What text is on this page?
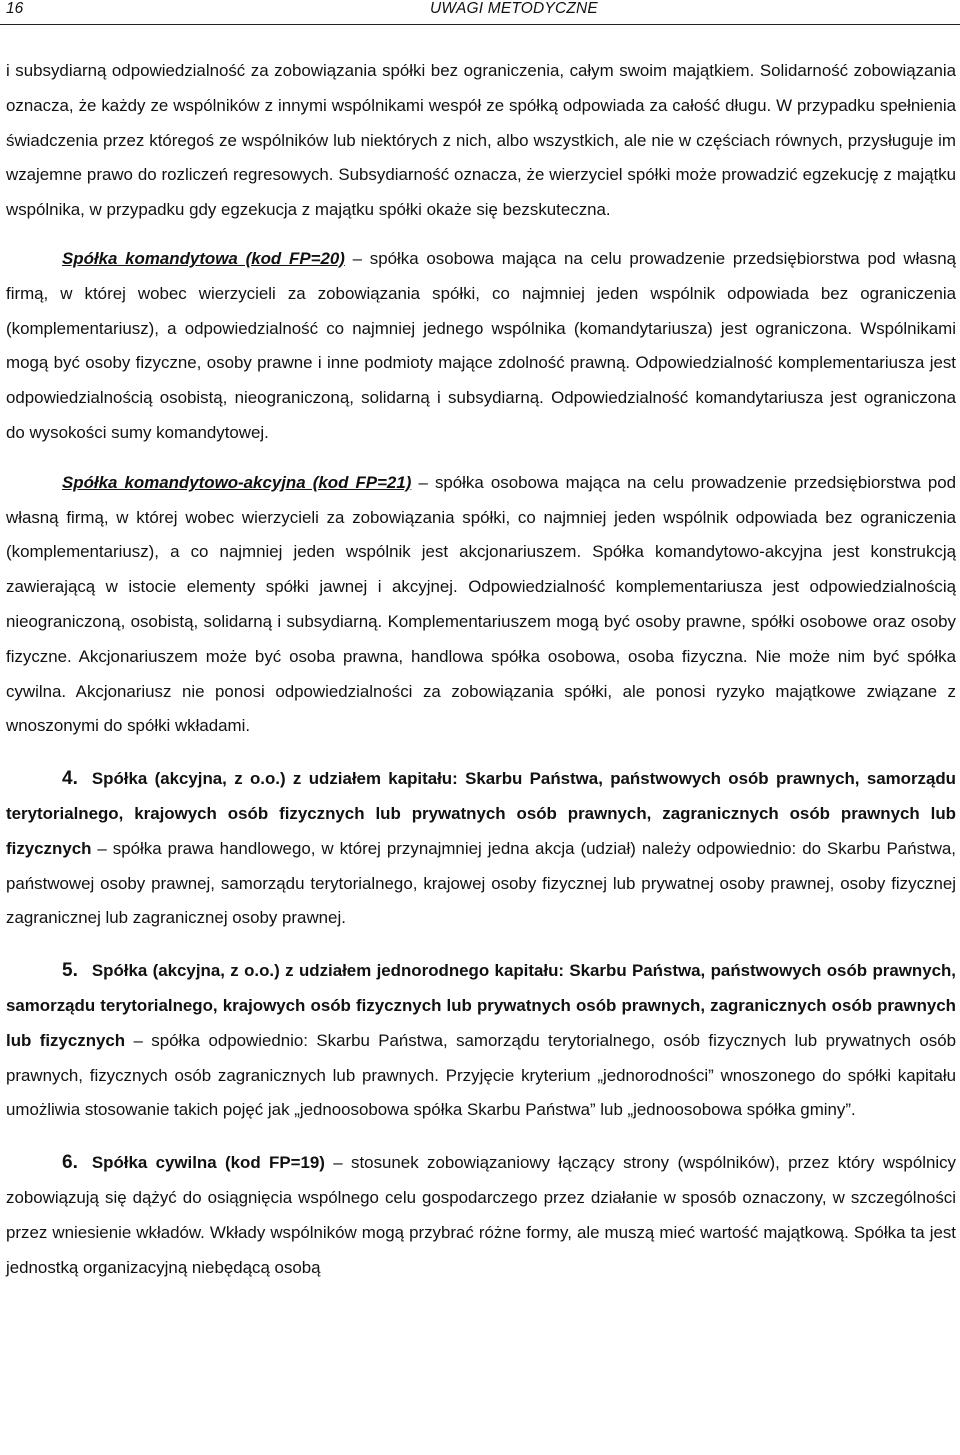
16	UWAGI METODYCZNE

i subsydiarną odpowiedzialność za zobowiązania spółki bez ograniczenia, całym swoim majątkiem. Solidarność zobowiązania oznacza, że każdy ze wspólników z innymi wspólnikami wespół ze spółką odpowiada za całość długu. W przypadku spełnienia świadczenia przez któregoś ze wspólników lub niektórych z nich, albo wszystkich, ale nie w częściach równych, przysługuje im wzajemne prawo do rozliczeń regresowych. Subsydiarność oznacza, że wierzyciel spółki może prowadzić egzekucję z majątku wspólnika, w przypadku gdy egzekucja z majątku spółki okaże się bezskuteczna.

Spółka komandytowa (kod FP=20) – spółka osobowa mająca na celu prowadzenie przedsiębiorstwa pod własną firmą, w której wobec wierzycieli za zobowiązania spółki, co najmniej jeden wspólnik odpowiada bez ograniczenia (komplementariusz), a odpowiedzialność co najmniej jednego wspólnika (komandytariusza) jest ograniczona. Wspólnikami mogą być osoby fizyczne, osoby prawne i inne podmioty mające zdolność prawną. Odpowiedzialność komplementariusza jest odpowiedzialnością osobistą, nieograniczoną, solidarną i subsydiarną. Odpowiedzialność komandytariusza jest ograniczona do wysokości sumy komandytowej.

Spółka komandytowo-akcyjna (kod FP=21) – spółka osobowa mająca na celu prowadzenie przedsiębiorstwa pod własną firmą, w której wobec wierzycieli za zobowiązania spółki, co najmniej jeden wspólnik odpowiada bez ograniczenia (komplementariusz), a co najmniej jeden wspólnik jest akcjonariuszem. Spółka komandytowo-akcyjna jest konstrukcją zawierającą w istocie elementy spółki jawnej i akcyjnej. Odpowiedzialność komplementariusza jest odpowiedzialnością nieograniczoną, osobistą, solidarną i subsydiarną. Komplementariuszem mogą być osoby prawne, spółki osobowe oraz osoby fizyczne. Akcjonariuszem może być osoba prawna, handlowa spółka osobowa, osoba fizyczna. Nie może nim być spółka cywilna. Akcjonariusz nie ponosi odpowiedzialności za zobowiązania spółki, ale ponosi ryzyko majątkowe związane z wnoszonymi do spółki wkładami.

4. Spółka (akcyjna, z o.o.) z udziałem kapitału: Skarbu Państwa, państwowych osób prawnych, samorządu terytorialnego, krajowych osób fizycznych lub prywatnych osób prawnych, zagranicznych osób prawnych lub fizycznych – spółka prawa handlowego, w której przynajmniej jedna akcja (udział) należy odpowiednio: do Skarbu Państwa, państwowej osoby prawnej, samorządu terytorialnego, krajowej osoby fizycznej lub prywatnej osoby prawnej, osoby fizycznej zagranicznej lub zagranicznej osoby prawnej.

5. Spółka (akcyjna, z o.o.) z udziałem jednorodnego kapitału: Skarbu Państwa, państwowych osób prawnych, samorządu terytorialnego, krajowych osób fizycznych lub prywatnych osób prawnych, zagranicznych osób prawnych lub fizycznych – spółka odpowiednio: Skarbu Państwa, samorządu terytorialnego, osób fizycznych lub prywatnych osób prawnych, fizycznych osób zagranicznych lub prawnych. Przyjęcie kryterium „jednorodności” wnoszonego do spółki kapitału umożliwia stosowanie takich pojęć jak „jednoosobowa spółka Skarbu Państwa” lub „jednoosobowa spółka gminy”.

6. Spółka cywilna (kod FP=19) – stosunek zobowiązaniowy łączący strony (wspólników), przez który wspólnicy zobowiązują się dążyć do osiągnięcia wspólnego celu gospodarczego przez działanie w sposób oznaczony, w szczególności przez wniesienie wkładów. Wkłady wspólników mogą przybrać różne formy, ale muszą mieć wartość majątkową. Spółka ta jest jednostką organizacyjną niebędącą osobą
